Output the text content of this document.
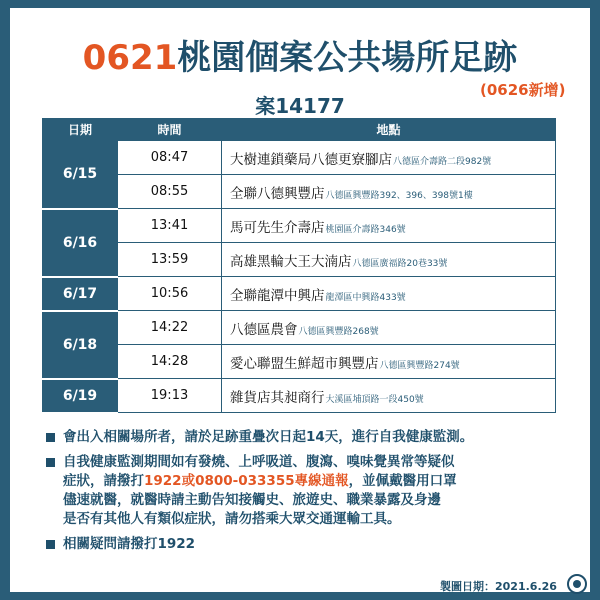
0621桃園個案公共場所足跡
(0626新增)
案14177
日期	時間	地點
6/15	08:47	大樹連鎖藥局八德更寮腳店八德區介壽路二段982號
	08:55	全聯八德興豐店八德區興豐路392、396、398號1樓
6/16	13:41	馬可先生介壽店桃園區介壽路346號
	13:59	高雄黑輪大王大湳店八德區廣福路20巷33號
6/17	10:56	全聯龍潭中興店龍潭區中興路433號
6/18	14:22	八德區農會八德區興豐路268號
	14:28	愛心聯盟生鮮超市興豐店八德區興豐路274號
6/19	19:13	雜貨店其昶商行大溪區埔頂路一段450號
會出入相關場所者，請於足跡重疊次日起14天，進行自我健康監測。
自我健康監測期間如有發燒、上呼吸道、腹瀉、嗅味覺異常等疑似
症狀，請撥打1922或0800-033355專線通報，並佩戴醫用口罩
儘速就醫，就醫時請主動告知接觸史、旅遊史、職業暴露及身邊
是否有其他人有類似症狀，請勿搭乘大眾交通運輸工具。
相關疑問請撥打1922
製圖日期：2021.6.26
